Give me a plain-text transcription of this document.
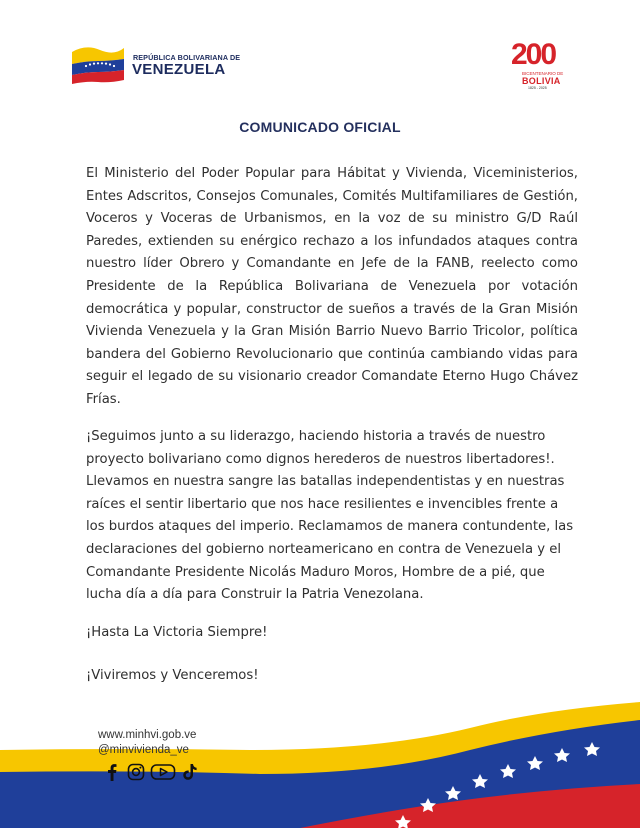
REPÚBLICA BOLIVARIANA DE
VENEZUELA	200
BICENTENARIO DE
BOLIVIA
1825 - 2025
COMUNICADO OFICIAL
El Ministerio del Poder Popular para Hábitat y Vivienda, Viceministerios, Entes Adscritos, Consejos Comunales, Comités Multifamiliares de Gestión, Voceros y Voceras de Urbanismos, en la voz de su ministro G/D Raúl Paredes, extienden su enérgico rechazo a los infundados ataques contra nuestro líder Obrero y Comandante en Jefe de la FANB, reelecto como Presidente de la República Bolivariana de Venezuela por votación democrática y popular, constructor de sueños a través de la Gran Misión Vivienda Venezuela y la Gran Misión Barrio Nuevo Barrio Tricolor, política bandera del Gobierno Revolucionario que continúa cambiando vidas para seguir el legado de su visionario creador Comandate Eterno Hugo Chávez Frías.
¡Seguimos junto a su liderazgo, haciendo historia a través de nuestro proyecto bolivariano como dignos herederos de nuestros libertadores!. Llevamos en nuestra sangre las batallas independentistas y en nuestras raíces el sentir libertario que nos hace resilientes e invencibles frente a los burdos ataques del imperio. Reclamamos de manera contundente, las declaraciones del gobierno norteamericano en contra de Venezuela y el Comandante Presidente Nicolás Maduro Moros, Hombre de a pié, que lucha día a día para Construir la Patria Venezolana.
¡Hasta La Victoria Siempre!
¡Viviremos y Venceremos!
www.minhvi.gob.ve
@minvivienda_ve
